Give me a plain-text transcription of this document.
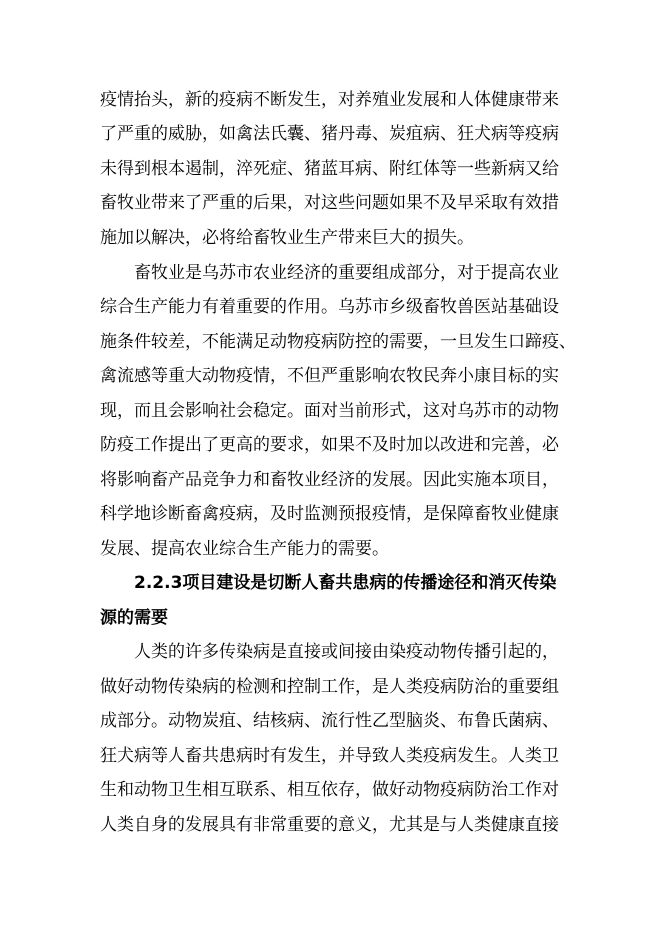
疫情抬头，新的疫病不断发生，对养殖业发展和人体健康带来
了严重的威胁，如禽法氏囊、猪丹毒、炭疽病、狂犬病等疫病
未得到根本遏制，淬死症、猪蓝耳病、附红体等一些新病又给
畜牧业带来了严重的后果，对这些问题如果不及早采取有效措
施加以解决，必将给畜牧业生产带来巨大的损失。
畜牧业是乌苏市农业经济的重要组成部分，对于提高农业
综合生产能力有着重要的作用。乌苏市乡级畜牧兽医站基础设
施条件较差，不能满足动物疫病防控的需要，一旦发生口蹄疫、
禽流感等重大动物疫情，不但严重影响农牧民奔小康目标的实
现，而且会影响社会稳定。面对当前形式，这对乌苏市的动物
防疫工作提出了更高的要求，如果不及时加以改进和完善，必
将影响畜产品竞争力和畜牧业经济的发展。因此实施本项目，
科学地诊断畜禽疫病，及时监测预报疫情，是保障畜牧业健康
发展、提高农业综合生产能力的需要。
2.2.3项目建设是切断人畜共患病的传播途径和消灭传染
源的需要
人类的许多传染病是直接或间接由染疫动物传播引起的，
做好动物传染病的检测和控制工作，是人类疫病防治的重要组
成部分。动物炭疽、结核病、流行性乙型脑炎、布鲁氏菌病、
狂犬病等人畜共患病时有发生，并导致人类疫病发生。人类卫
生和动物卫生相互联系、相互依存，做好动物疫病防治工作对
人类自身的发展具有非常重要的意义，尤其是与人类健康直接
